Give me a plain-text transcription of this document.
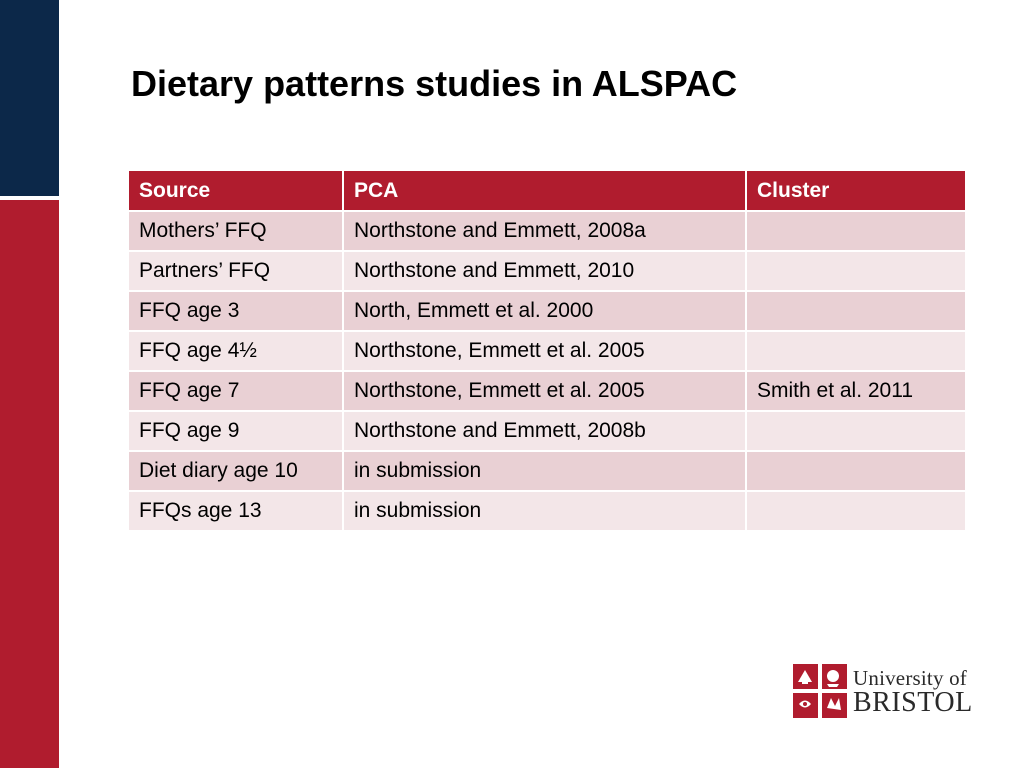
Dietary patterns studies in ALSPAC
Source	PCA	Cluster
Mothers’ FFQ	Northstone and Emmett, 2008a	
Partners’ FFQ	Northstone and Emmett, 2010	
FFQ age 3	North, Emmett et al. 2000	
FFQ age 4½	Northstone, Emmett et al. 2005	
FFQ age 7	Northstone, Emmett et al. 2005	Smith et al. 2011
FFQ age 9	Northstone and Emmett, 2008b	
Diet diary age 10	in submission	
FFQs age 13	in submission	
University of
BRISTOL
